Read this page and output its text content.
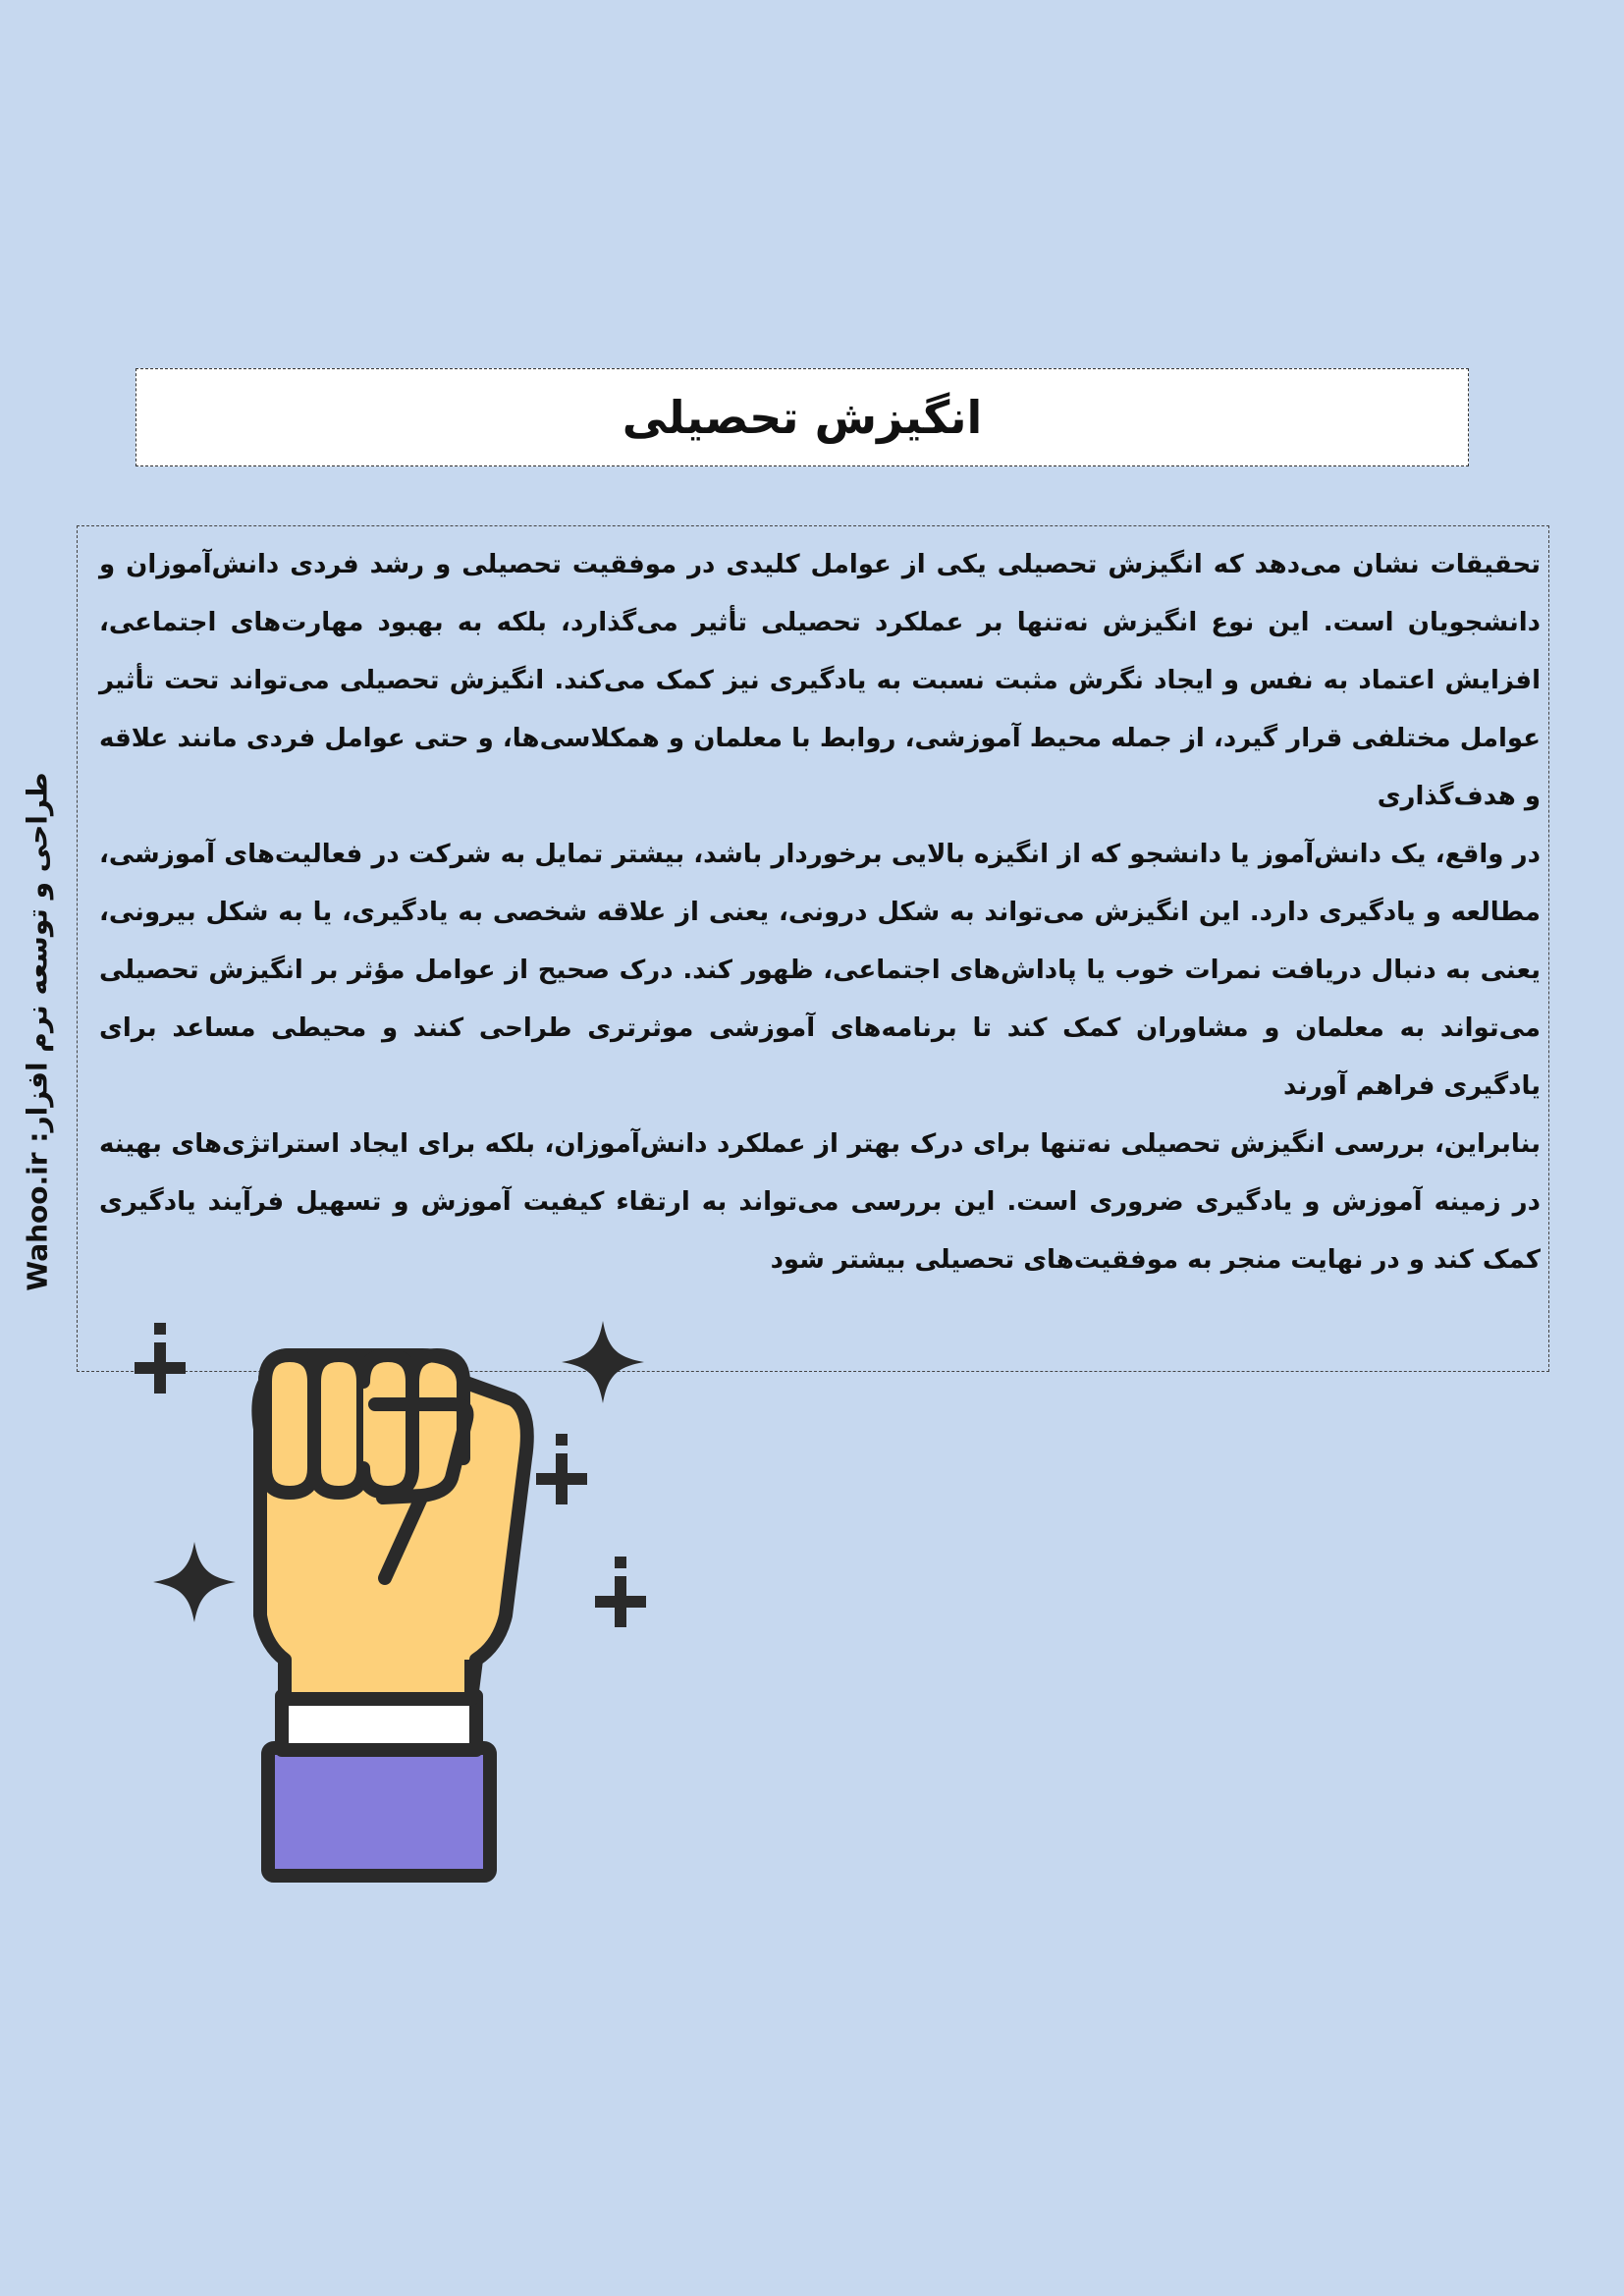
انگیزش تحصیلی

تحقیقات نشان می‌دهد که انگیزش تحصیلی یکی از عوامل کلیدی در موفقیت تحصیلی و رشد فردی دانش‌آموزان و دانشجویان است. این نوع انگیزش نه‌تنها بر عملکرد تحصیلی تأثیر می‌گذارد، بلکه به بهبود مهارت‌های اجتماعی، افزایش اعتماد به نفس و ایجاد نگرش مثبت نسبت به یادگیری نیز کمک می‌کند. انگیزش تحصیلی می‌تواند تحت تأثیر عوامل مختلفی قرار گیرد، از جمله محیط آموزشی، روابط با معلمان و همکلاسی‌ها، و حتی عوامل فردی مانند علاقه و هدف‌گذاری

در واقع، یک دانش‌آموز یا دانشجو که از انگیزه بالایی برخوردار باشد، بیشتر تمایل به شرکت در فعالیت‌های آموزشی، مطالعه و یادگیری دارد. این انگیزش می‌تواند به شکل درونی، یعنی از علاقه شخصی به یادگیری، یا به شکل بیرونی، یعنی به دنبال دریافت نمرات خوب یا پاداش‌های اجتماعی، ظهور کند. درک صحیح از عوامل مؤثر بر انگیزش تحصیلی می‌تواند به معلمان و مشاوران کمک کند تا برنامه‌های آموزشی موثرتری طراحی کنند و محیطی مساعد برای یادگیری فراهم آورند

بنابراین، بررسی انگیزش تحصیلی نه‌تنها برای درک بهتر از عملکرد دانش‌آموزان، بلکه برای ایجاد استراتژی‌های بهینه در زمینه آموزش و یادگیری ضروری است. این بررسی می‌تواند به ارتقاء کیفیت آموزش و تسهیل فرآیند یادگیری کمک کند و در نهایت منجر به موفقیت‌های تحصیلی بیشتر شود

طراحی و توسعه نرم افزار: Wahoo.ir
